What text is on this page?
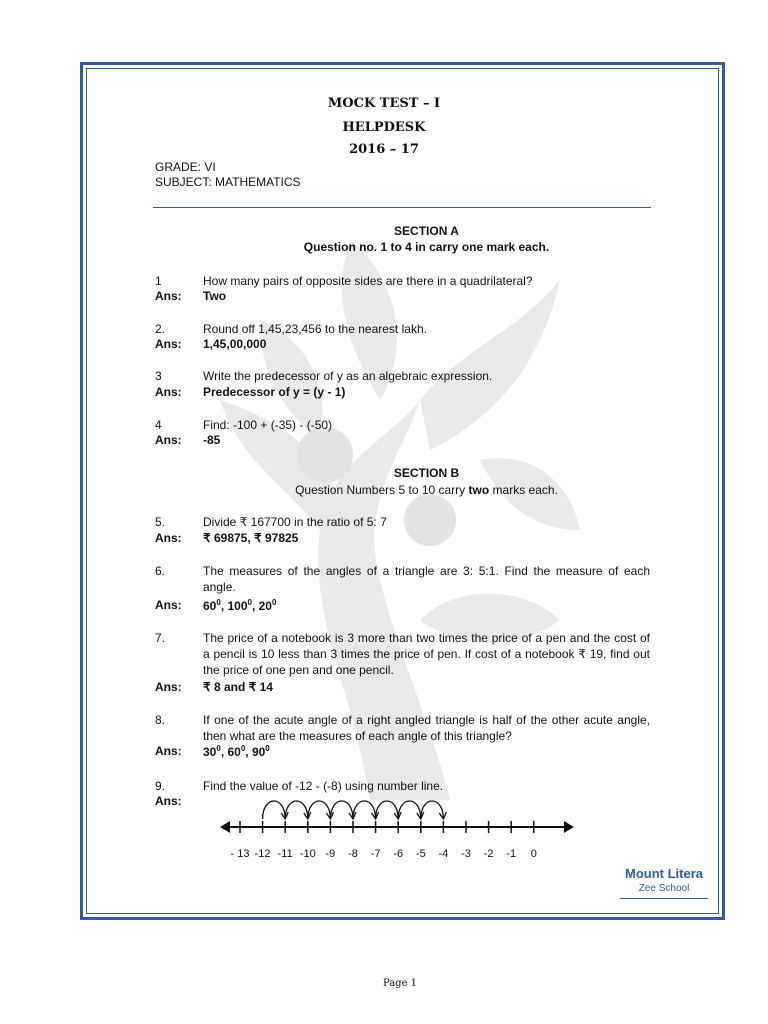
MOCK TEST – I
HELPDESK
2016 – 17
GRADE: VI
SUBJECT: MATHEMATICS
SECTION A
Question no. 1 to 4 in carry one mark each.
1	How many pairs of opposite sides are there in a quadrilateral?
Ans: Two
2.	Round off 1,45,23,456 to the nearest lakh.
Ans: 1,45,00,000
3	Write the predecessor of y as an algebraic expression.
Ans: Predecessor of y = (y - 1)
4	Find: -100 + (-35) - (-50)
Ans: -85
SECTION B
Question Numbers 5 to 10 carry two marks each.
5.	Divide ₹ 167700 in the ratio of 5: 7
Ans: ₹ 69875, ₹ 97825
6.	The measures of the angles of a triangle are 3: 5:1. Find the measure of each angle.
Ans: $60^0$, $100^0$, $20^0$
7.	The price of a notebook is 3 more than two times the price of a pen and the cost of a pencil is 10 less than 3 times the price of pen. If cost of a notebook ₹ 19, find out the price of one pen and one pencil.
Ans: ₹ 8 and ₹ 14
8.	If one of the acute angle of a right angled triangle is half of the other acute angle, then what are the measures of each angle of this triangle?
Ans: $30^0$, $60^0$, $90^0$
9.	Find the value of -12 - (-8) using number line.
Ans:
- 13 -12 -11 -10 -9 -8 -7 -6 -5 -4 -3 -2 -1 0
Mount Litera
Zee School
Page 1
